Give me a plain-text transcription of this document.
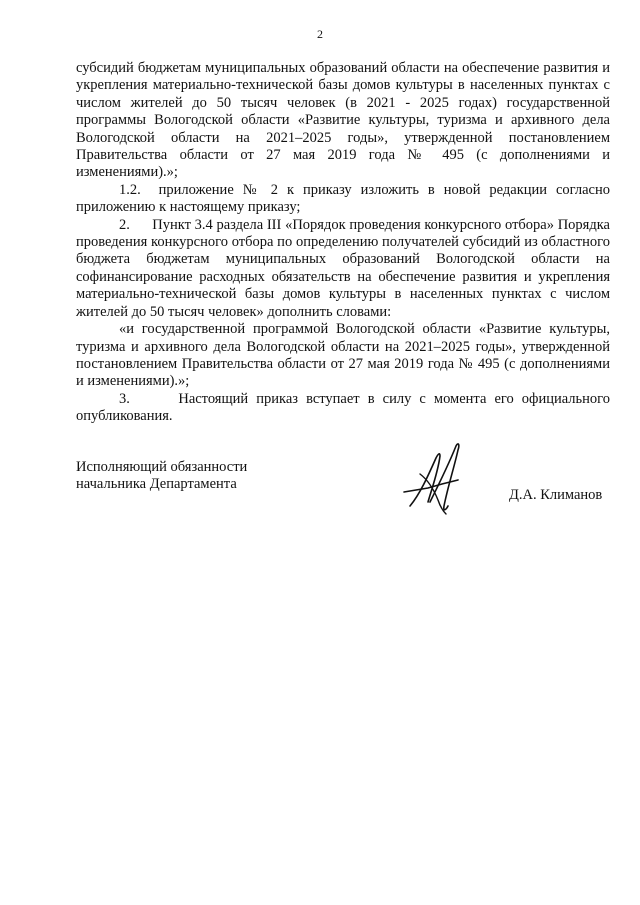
2

субсидий бюджетам муниципальных образований области на обеспечение развития и укрепления материально-технической базы домов культуры в населенных пунктах с числом жителей до 50 тысяч человек (в 2021 - 2025 годах) государственной программы Вологодской области «Развитие культуры, туризма и архивного дела Вологодской области на 2021–2025 годы», утвержденной постановлением Правительства области от 27 мая 2019 года № 495 (с дополнениями и изменениями).»;

1.2.  приложение № 2 к приказу изложить в новой редакции согласно приложению к настоящему приказу;

2.      Пункт 3.4 раздела III «Порядок проведения конкурсного отбора» Порядка проведения конкурсного отбора по определению получателей субсидий из областного бюджета бюджетам муниципальных образований Вологодской области на софинансирование расходных обязательств на обеспечение развития и укрепления материально-технической базы домов культуры в населенных пунктах с числом жителей до 50 тысяч человек» дополнить словами:

«и государственной программой Вологодской области «Развитие культуры, туризма и архивного дела Вологодской области на 2021–2025 годы», утвержденной постановлением Правительства области от 27 мая 2019 года № 495 (с дополнениями и изменениями).»;

3.      Настоящий приказ вступает в силу с момента его официального опубликования.

Исполняющий обязанности
начальника Департамента
Д.А. Климанов
